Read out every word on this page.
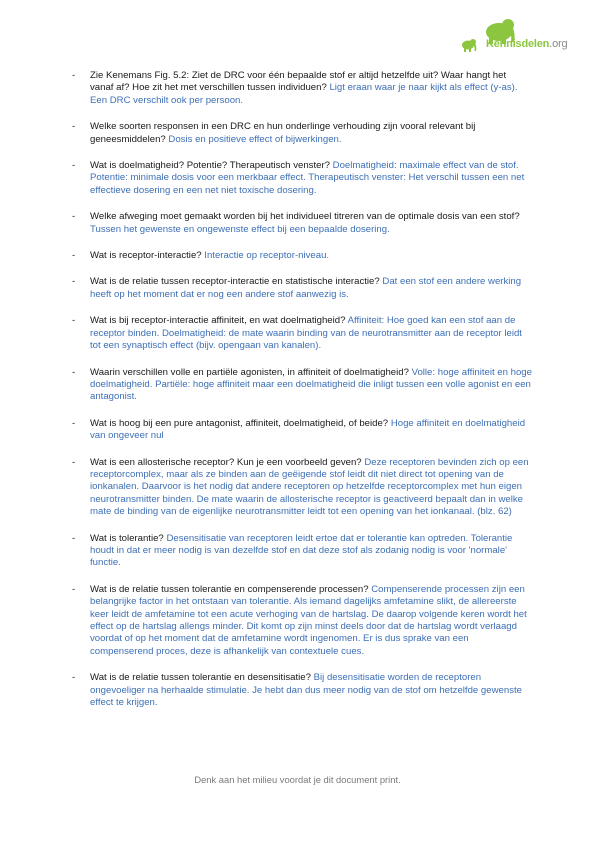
Kennisdelen.org
- Zie Kenemans Fig. 5.2: Ziet de DRC voor één bepaalde stof er altijd hetzelfde uit? Waar hangt het vanaf af? Hoe zit het met verschillen tussen individuen? Ligt eraan waar je naar kijkt als effect (y-as). Een DRC verschilt ook per persoon.
- Welke soorten responsen in een DRC en hun onderlinge verhouding zijn vooral relevant bij geneesmiddelen? Dosis en positieve effect of bijwerkingen.
- Wat is doelmatigheid? Potentie? Therapeutisch venster? Doelmatigheid: maximale effect van de stof. Potentie: minimale dosis voor een merkbaar effect. Therapeutisch venster: Het verschil tussen een net effectieve dosering en een net niet toxische dosering.
- Welke afweging moet gemaakt worden bij het individueel titreren van de optimale dosis van een stof? Tussen het gewenste en ongewenste effect bij een bepaalde dosering.
- Wat is receptor-interactie? Interactie op receptor-niveau.
- Wat is de relatie tussen receptor-interactie en statistische interactie? Dat een stof een andere werking heeft op het moment dat er nog een andere stof aanwezig is.
- Wat is bij receptor-interactie affiniteit, en wat doelmatigheid? Affiniteit: Hoe goed kan een stof aan de receptor binden. Doelmatigheid: de mate waarin binding van de neurotransmitter aan de receptor leidt tot een synaptisch effect (bijv. opengaan van kanalen).
- Waarin verschillen volle en partiële agonisten, in affiniteit of doelmatigheid? Volle: hoge affiniteit en hoge doelmatigheid. Partiële: hoge affiniteit maar een doelmatigheid die inligt tussen een volle agonist en een antagonist.
- Wat is hoog bij een pure antagonist, affiniteit, doelmatigheid, of beide? Hoge affiniteit en doelmatigheid van ongeveer nul
- Wat is een allosterische receptor? Kun je een voorbeeld geven? Deze receptoren bevinden zich op een receptorcomplex, maar als ze binden aan de geëigende stof leidt dit niet direct tot opening van de ionkanalen. Daarvoor is het nodig dat andere receptoren op hetzelfde receptorcomplex met hun eigen neurotransmitter binden. De mate waarin de allosterische receptor is geactiveerd bepaalt dan in welke mate de binding van de eigenlijke neurotransmitter leidt tot een opening van het ionkanaal. (blz. 62)
- Wat is tolerantie? Desensitisatie van receptoren leidt ertoe dat er tolerantie kan optreden. Tolerantie houdt in dat er meer nodig is van dezelfde stof en dat deze stof als zodanig nodig is voor 'normale' functie.
- Wat is de relatie tussen tolerantie en compenserende processen? Compenserende processen zijn een belangrijke factor in het ontstaan van tolerantie. Als iemand dagelijks amfetamine slikt, de allereerste keer leidt de amfetamine tot een acute verhoging van de hartslag. De daarop volgende keren wordt het effect op de hartslag allengs minder. Dit komt op zijn minst deels door dat de hartslag wordt verlaagd voordat of op het moment dat de amfetamine wordt ingenomen. Er is dus sprake van een compenserend proces, deze is afhankelijk van contextuele cues.
- Wat is de relatie tussen tolerantie en desensitisatie? Bij desensitisatie worden de receptoren ongevoeliger na herhaalde stimulatie. Je hebt dan dus meer nodig van de stof om hetzelfde gewenste effect te krijgen.
Denk aan het milieu voordat je dit document print.
